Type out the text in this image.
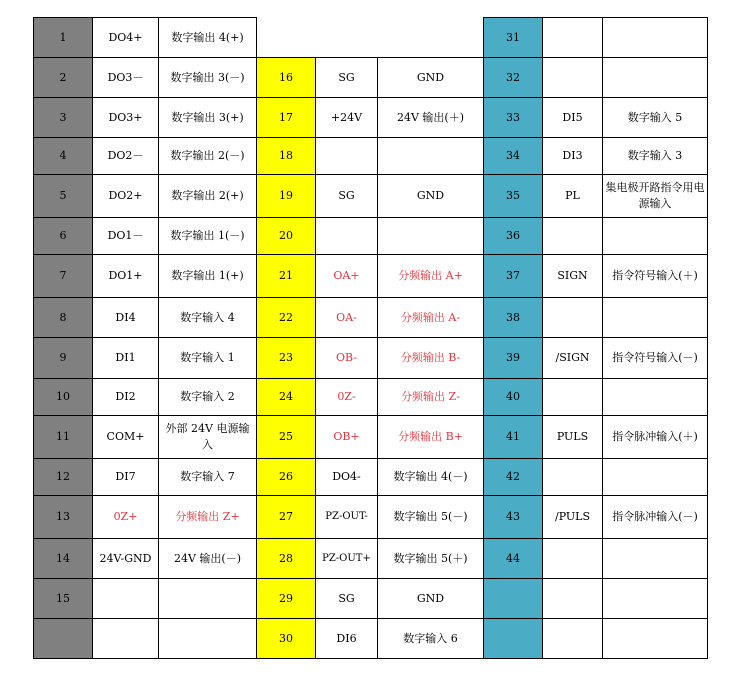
1	DO4+	数字输出 4(+)				31		
2	DO3－	数字输出 3(－)	16	SG	GND	32		
3	DO3+	数字输出 3(+)	17	+24V	24V 输出(＋)	33	DI5	数字输入 5
4	DO2－	数字输出 2(－)	18			34	DI3	数字输入 3
5	DO2+	数字输出 2(+)	19	SG	GND	35	PL	集电极开路指令用电源输入
6	DO1－	数字输出 1(－)	20			36		
7	DO1+	数字输出 1(+)	21	OA+	分频输出 A+	37	SIGN	指令符号输入(＋)
8	DI4	数字输入 4	22	OA-	分频输出 A-	38		
9	DI1	数字输入 1	23	OB-	分频输出 B-	39	/SIGN	指令符号输入(－)
10	DI2	数字输入 2	24	0Z-	分频输出 Z-	40		
11	COM+	外部 24V 电源输入	25	OB+	分频输出 B+	41	PULS	指令脉冲输入(＋)
12	DI7	数字输入 7	26	DO4-	数字输出 4(－)	42		
13	0Z+	分频输出 Z+	27	PZ-OUT-	数字输出 5(－)	43	/PULS	指令脉冲输入(－)
14	24V-GND	24V 输出(－)	28	PZ-OUT+	数字输出 5(＋)	44		
15			29	SG	GND			
			30	DI6	数字输入 6			
